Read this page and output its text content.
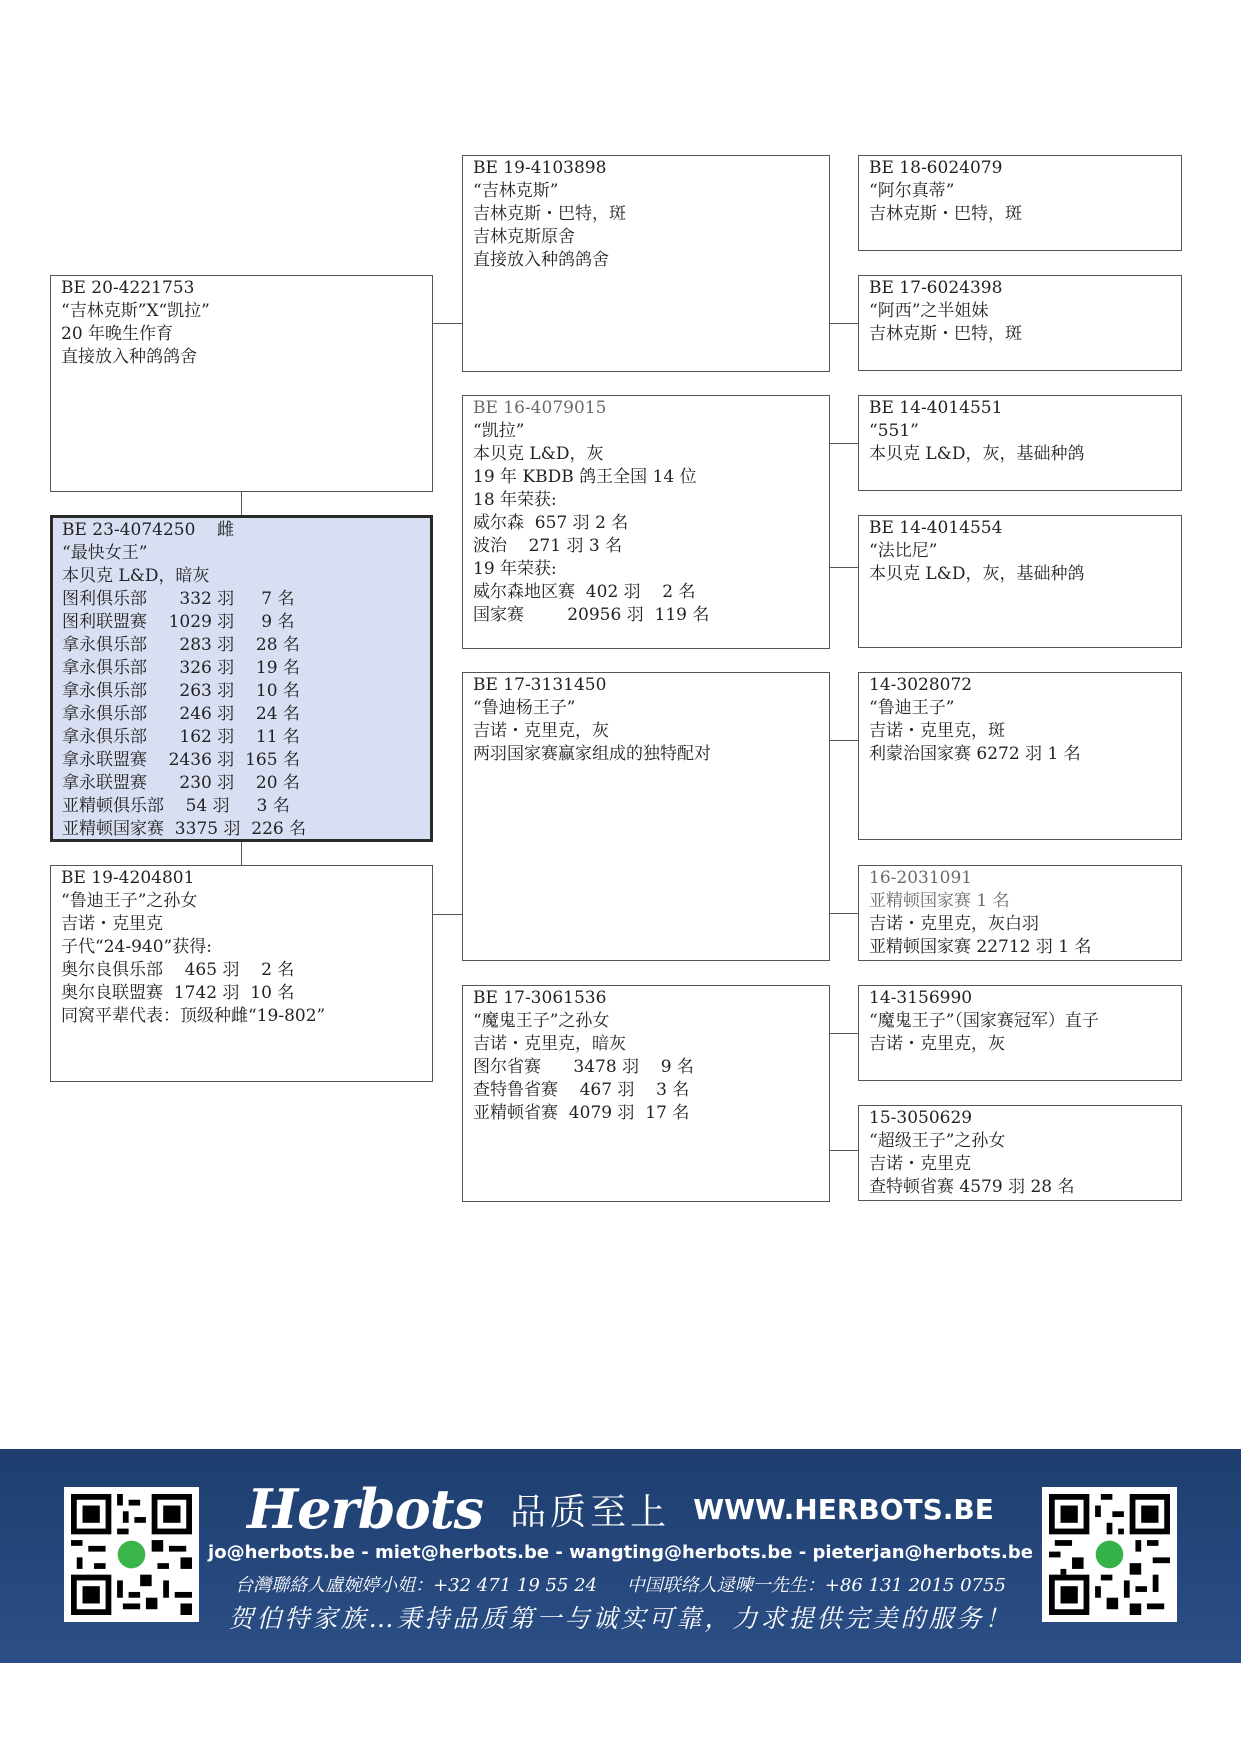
BE 19-4103898
“吉林克斯”
吉林克斯・巴特，斑
吉林克斯原舍
直接放入种鸽鸽舍
BE 18-6024079
“阿尔真蒂”
吉林克斯・巴特，斑
BE 17-6024398
“阿西”之半姐妹
吉林克斯・巴特，斑
BE 20-4221753
“吉林克斯”X“凯拉”
20 年晚生作育
直接放入种鸽鸽舍
BE 16-4079015
“凯拉”
本贝克 L&D，灰
19 年 KBDB 鸽王全国 14 位
18 年荣获:
威尔森  657 羽 2 名
波治    271 羽 3 名
19 年荣获:
威尔森地区赛  402 羽    2 名
国家赛        20956 羽  119 名
BE 14-4014551
“551”
本贝克 L&D，灰，基础种鸽
BE 14-4014554
“法比尼”
本贝克 L&D，灰，基础种鸽
BE 23-4074250    雌
“最快女王”
本贝克 L&D，暗灰
图利俱乐部      332 羽     7 名
图利联盟赛    1029 羽     9 名
拿永俱乐部      283 羽    28 名
拿永俱乐部      326 羽    19 名
拿永俱乐部      263 羽    10 名
拿永俱乐部      246 羽    24 名
拿永俱乐部      162 羽    11 名
拿永联盟赛    2436 羽  165 名
拿永联盟赛      230 羽    20 名
亚精顿俱乐部    54 羽     3 名
亚精顿国家赛  3375 羽  226 名
BE 17-3131450
“鲁迪杨王子”
吉诺・克里克，灰
两羽国家赛赢家组成的独特配对
14-3028072
“鲁迪王子”
吉诺・克里克，斑
利蒙治国家赛 6272 羽 1 名
16-2031091
亚精顿国家赛 1 名
吉诺・克里克，灰白羽
亚精顿国家赛 22712 羽 1 名
BE 19-4204801
“鲁迪王子”之孙女
吉诺・克里克
子代“24-940”获得:
奥尔良俱乐部    465 羽    2 名
奥尔良联盟赛  1742 羽  10 名
同窝平辈代表：顶级种雌“19-802”
BE 17-3061536
“魔鬼王子”之孙女
吉诺・克里克，暗灰
图尔省赛      3478 羽    9 名
查特鲁省赛    467 羽    3 名
亚精顿省赛  4079 羽  17 名
14-3156990
“魔鬼王子”（国家赛冠军）直子
吉诺・克里克，灰
15-3050629
“超级王子”之孙女
吉诺・克里克
查特顿省赛 4579 羽 28 名
Herbots 品质至上 WWW.HERBOTS.BE
jo@herbots.be - miet@herbots.be - wangting@herbots.be - pieterjan@herbots.be
台灣聯絡人盧婉婷小姐：+32 471 19 55 24 中国联络人逯暕一先生：+86 131 2015 0755
贺伯特家族…秉持品质第一与诚实可靠，力求提供完美的服务！
